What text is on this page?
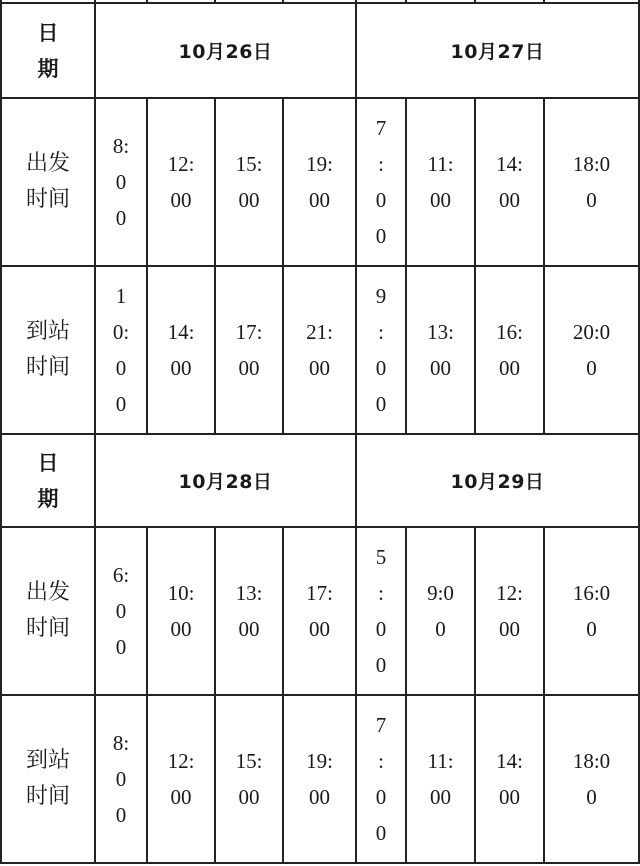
日
期	10月26日				10月27日			

出发
时间	8:
0
0	12:
00	15:
00	19:
00	7
:
0
0	11:
00	14:
00	18:0
0

到站
时间	1
0:
0
0	14:
00	17:
00	21:
00	9
:
0
0	13:
00	16:
00	20:0
0

日
期	10月28日				10月29日			

出发
时间	6:
0
0	10:
00	13:
00	17:
00	5
:
0
0	9:0
0	12:
00	16:0
0

到站
时间	8:
0
0	12:
00	15:
00	19:
00	7
:
0
0	11:
00	14:
00	18:0
0
